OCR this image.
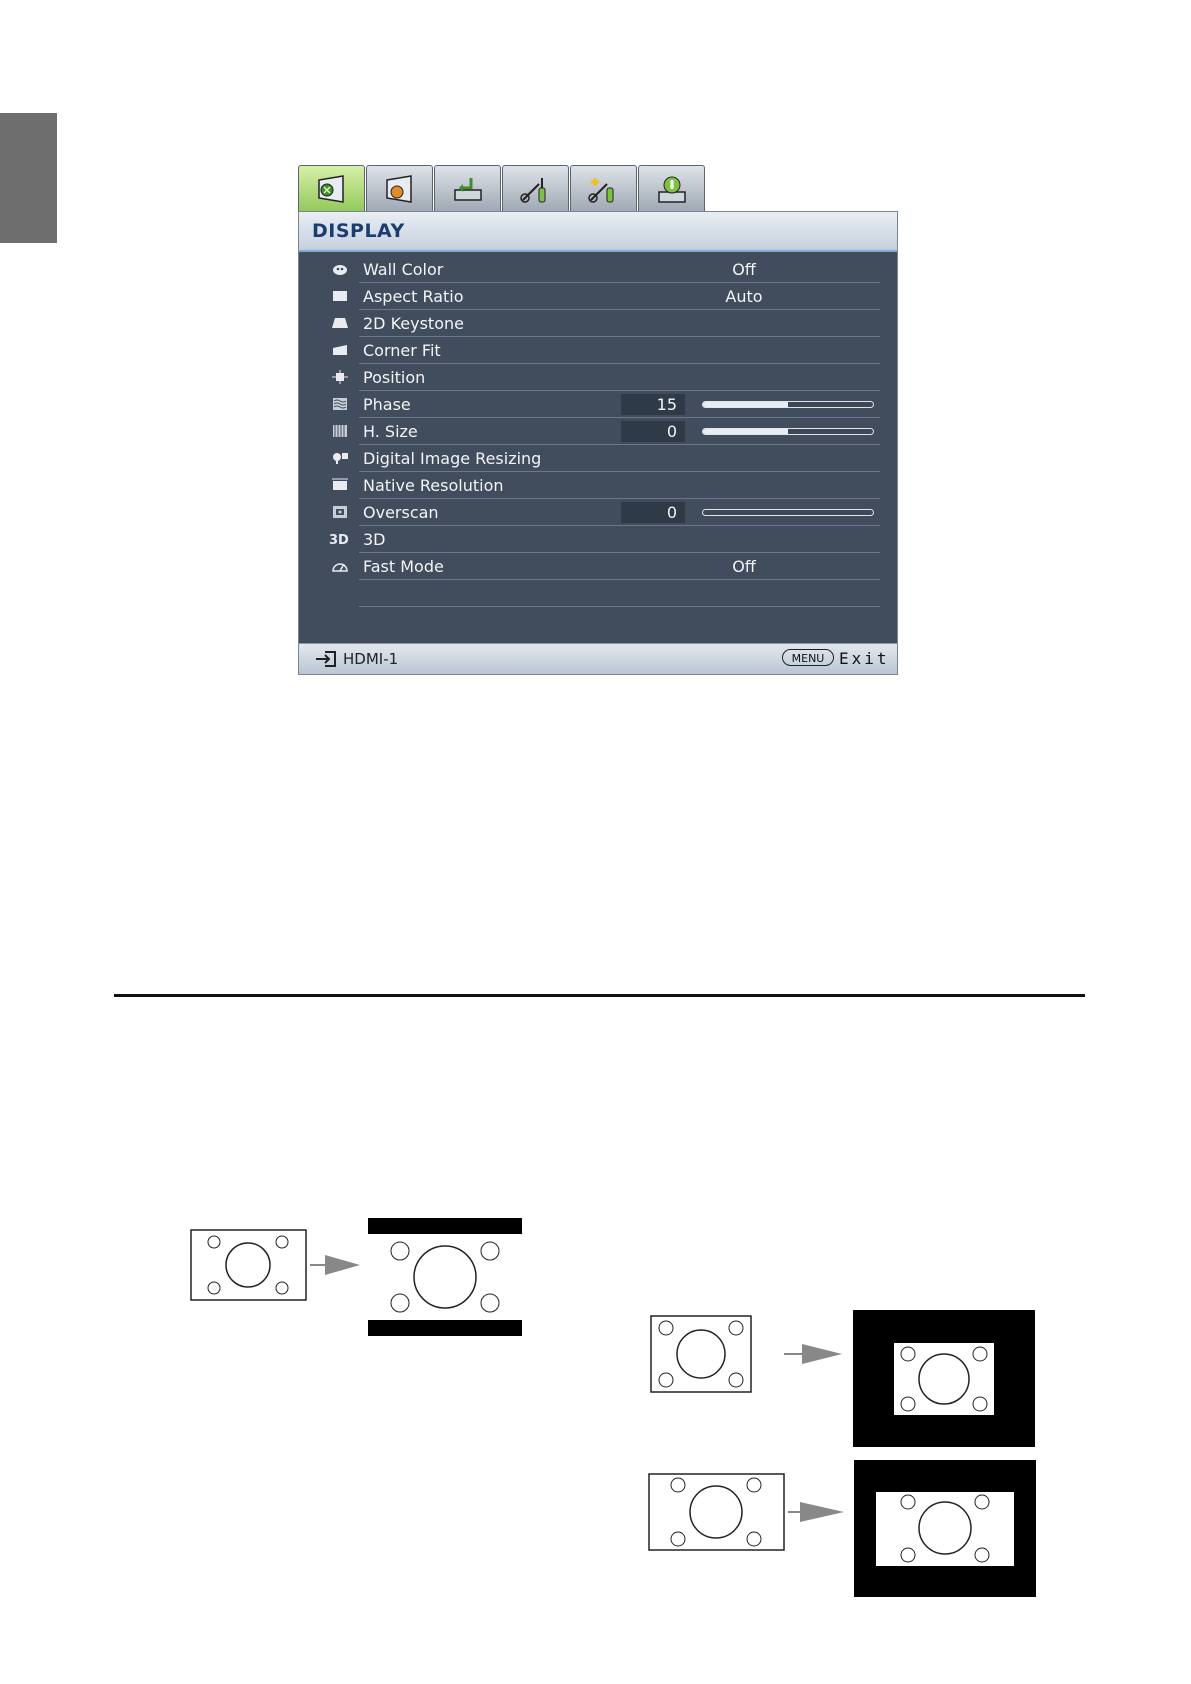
DISPLAY
Wall Color	Off
Aspect Ratio	Auto
2D Keystone
Corner Fit
Position
Phase	15
H. Size	0
Digital Image Resizing
Native Resolution
Overscan	0
3D 3D
Fast Mode	Off
HDMI-1	MENU Exit
